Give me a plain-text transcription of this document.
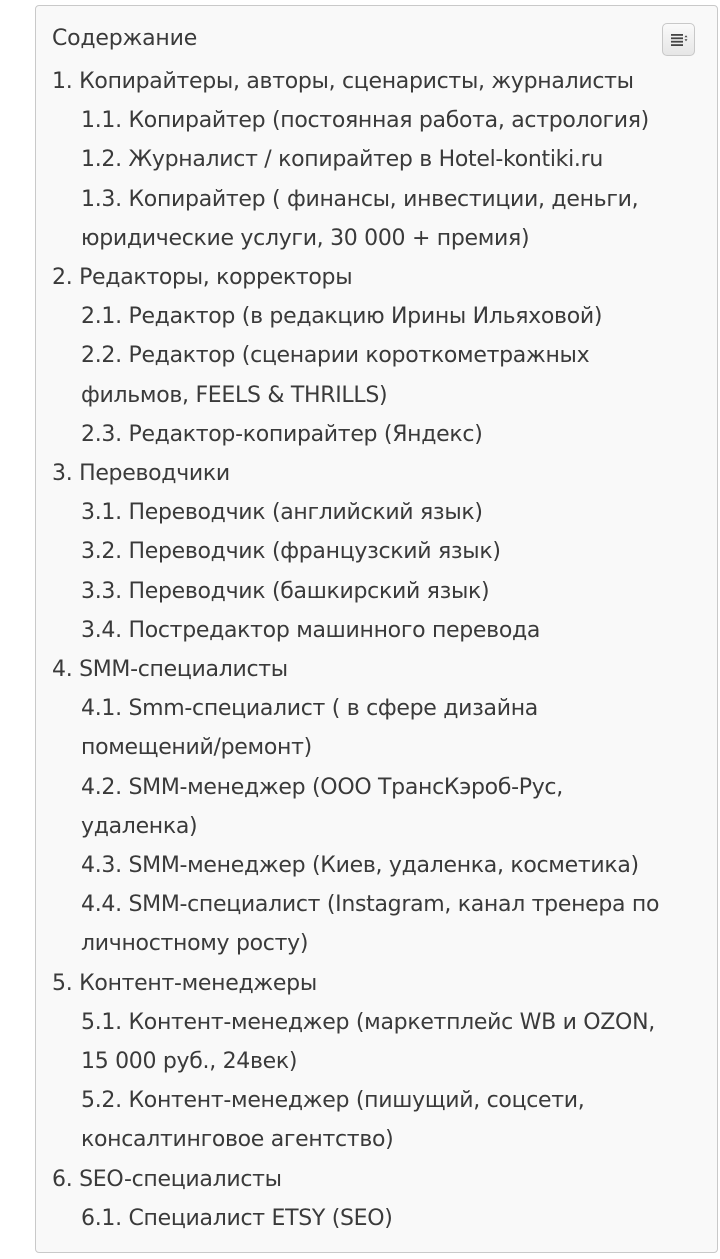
Содержание
1. Копирайтеры, авторы, сценаристы, журналисты
1.1. Копирайтер (постоянная работа, астрология)
1.2. Журналист / копирайтер в Hotel-kontiki.ru
1.3. Копирайтер ( финансы, инвестиции, деньги,
юридические услуги, 30 000 + премия)
2. Редакторы, корректоры
2.1. Редактор (в редакцию Ирины Ильяховой)
2.2. Редактор (сценарии короткометражных
фильмов, FEELS & THRILLS)
2.3. Редактор-копирайтер (Яндекс)
3. Переводчики
3.1. Переводчик (английский язык)
3.2. Переводчик (французский язык)
3.3. Переводчик (башкирский язык)
3.4. Постредактор машинного перевода
4. SMM-специалисты
4.1. Smm-специалист ( в сфере дизайна
помещений/ремонт)
4.2. SMM-менеджер (ООО ТрансКэроб-Рус,
удаленка)
4.3. SMM-менеджер (Киев, удаленка, косметика)
4.4. SMM-специалист (Instagram, канал тренера по
личностному росту)
5. Контент-менеджеры
5.1. Контент-менеджер (маркетплейс WB и OZON,
15 000 руб., 24век)
5.2. Контент-менеджер (пишущий, соцсети,
консалтинговое агентство)
6. SEO-специалисты
6.1. Специалист ETSY (SEO)
